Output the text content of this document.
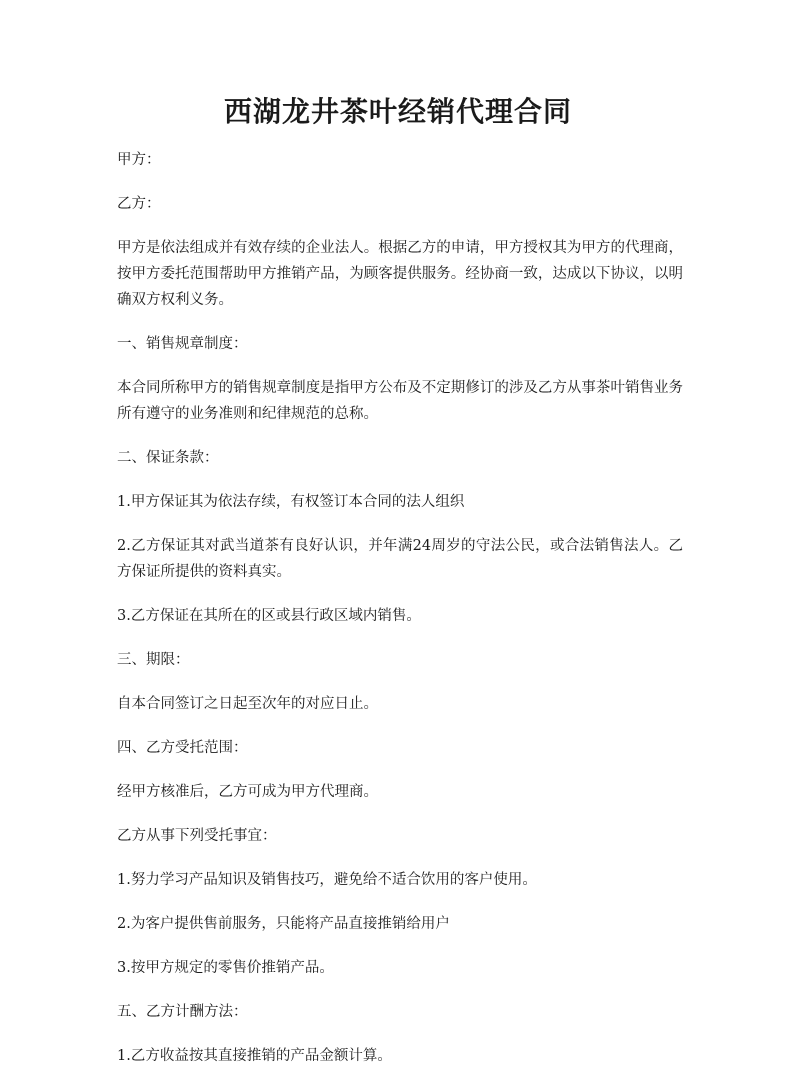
西湖龙井茶叶经销代理合同

甲方：

乙方：

甲方是依法组成并有效存续的企业法人。根据乙方的申请，甲方授权其为甲方的代理商，按甲方委托范围帮助甲方推销产品，为顾客提供服务。经协商一致，达成以下协议，以明确双方权利义务。

一、销售规章制度：

本合同所称甲方的销售规章制度是指甲方公布及不定期修订的涉及乙方从事茶叶销售业务所有遵守的业务准则和纪律规范的总称。

二、保证条款：

1.甲方保证其为依法存续，有权签订本合同的法人组织

2.乙方保证其对武当道茶有良好认识，并年满24周岁的守法公民，或合法销售法人。乙方保证所提供的资料真实。

3.乙方保证在其所在的区或县行政区域内销售。

三、期限：

自本合同签订之日起至次年的对应日止。

四、乙方受托范围：

经甲方核准后，乙方可成为甲方代理商。

乙方从事下列受托事宜：

1.努力学习产品知识及销售技巧，避免给不适合饮用的客户使用。

2.为客户提供售前服务，只能将产品直接推销给用户

3.按甲方规定的零售价推销产品。

五、乙方计酬方法：

1.乙方收益按其直接推销的产品金额计算。
